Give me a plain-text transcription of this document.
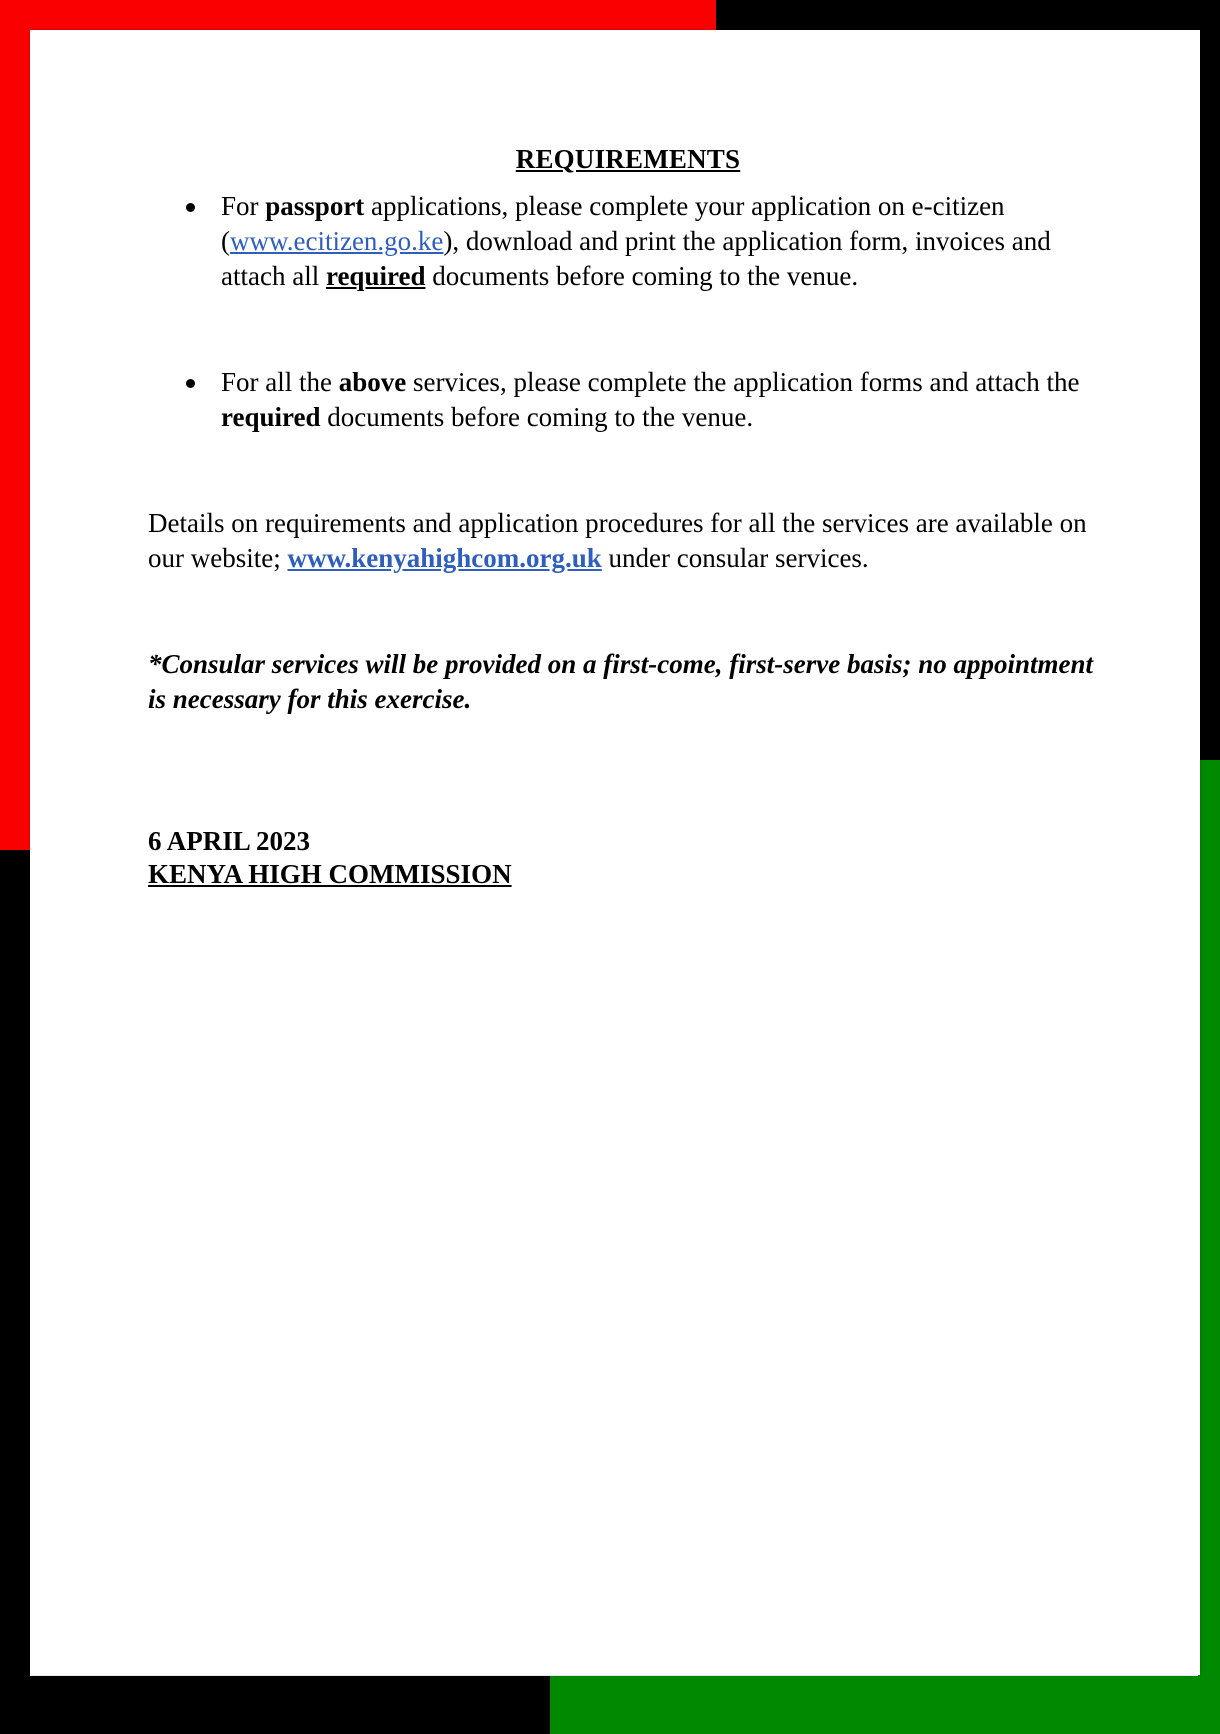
REQUIREMENTS
For passport applications, please complete your application on e-citizen (www.ecitizen.go.ke), download and print the application form, invoices and attach all required documents before coming to the venue.
For all the above services, please complete the application forms and attach the required documents before coming to the venue.

Details on requirements and application procedures for all the services are available on our website; www.kenyahighcom.org.uk under consular services.

*Consular services will be provided on a first-come, first-serve basis; no appointment is necessary for this exercise.

6 APRIL 2023
KENYA HIGH COMMISSION
